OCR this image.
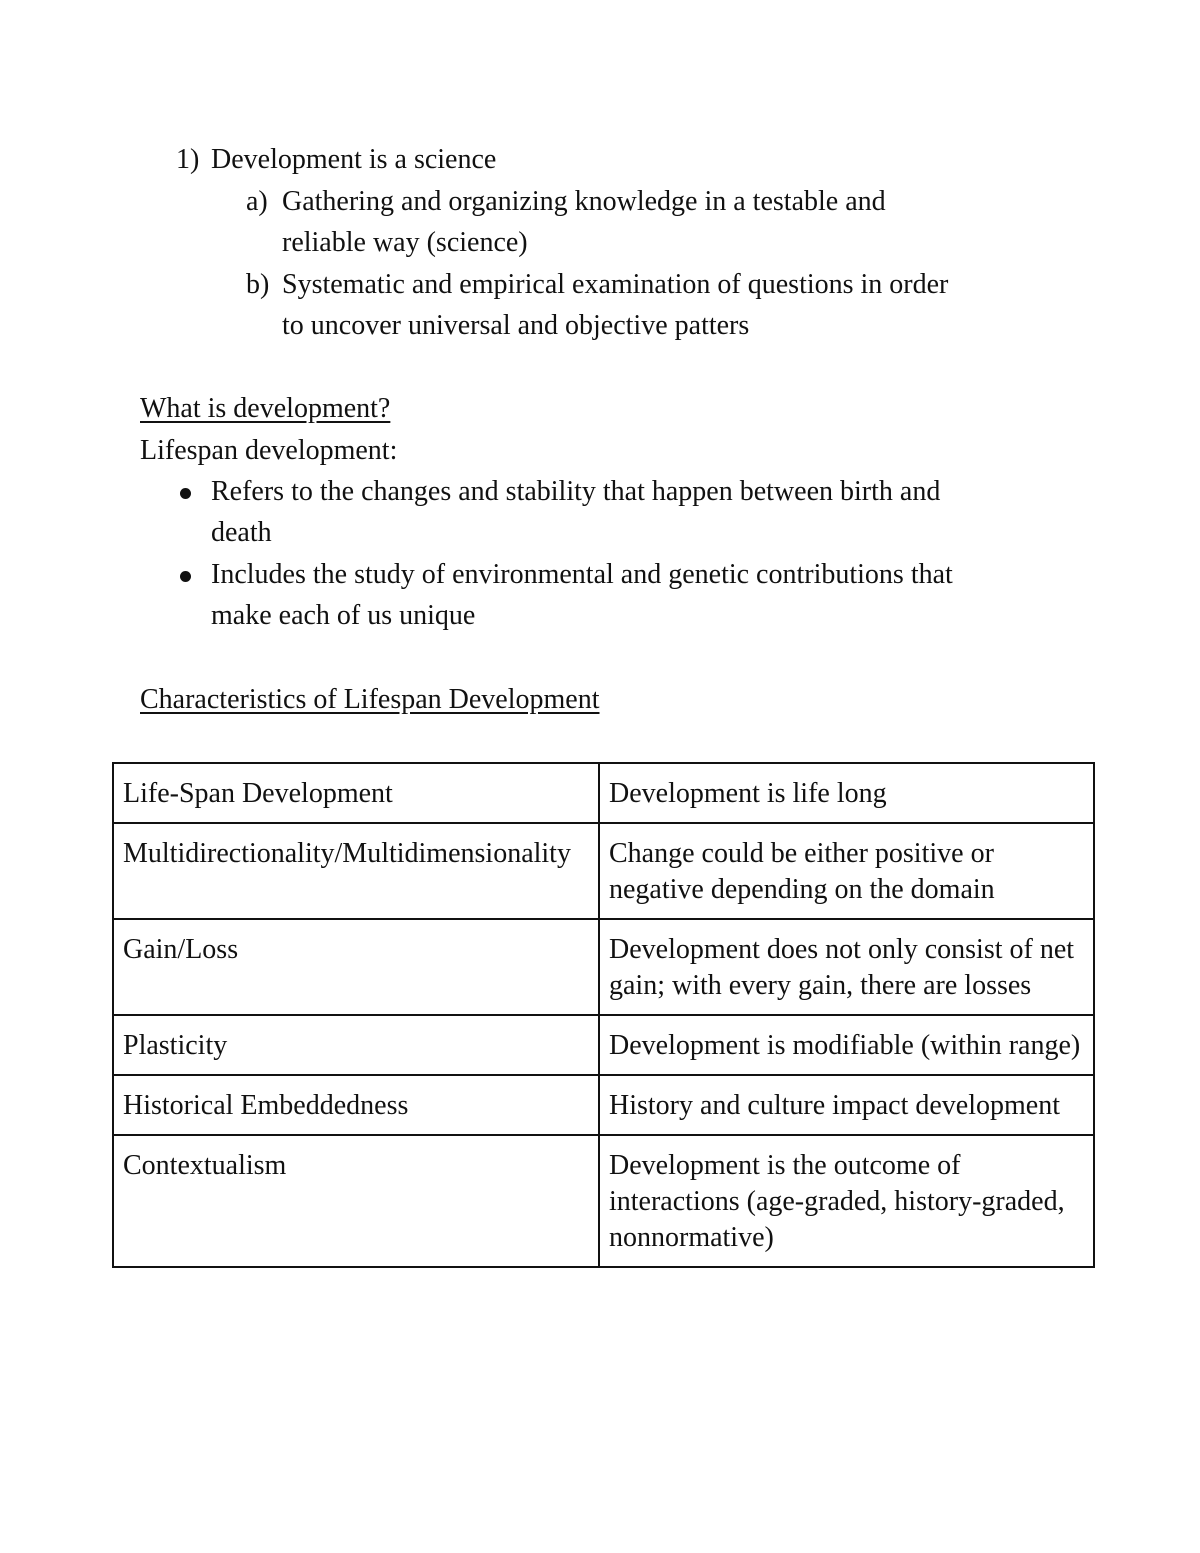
1) Development is a science
a) Gathering and organizing knowledge in a testable and
reliable way (science)
b) Systematic and empirical examination of questions in order
to uncover universal and objective patters
What is development?
Lifespan development:
Refers to the changes and stability that happen between birth and
death
Includes the study of environmental and genetic contributions that
make each of us unique
Characteristics of Lifespan Development
Life-Span Development	Development is life long
Multidirectionality/Multidimensionality	Change could be either positive or negative depending on the domain
Gain/Loss	Development does not only consist of net gain; with every gain, there are losses
Plasticity	Development is modifiable (within range)
Historical Embeddedness	History and culture impact development
Contextualism	Development is the outcome of interactions (age-graded, history-graded, nonnormative)
